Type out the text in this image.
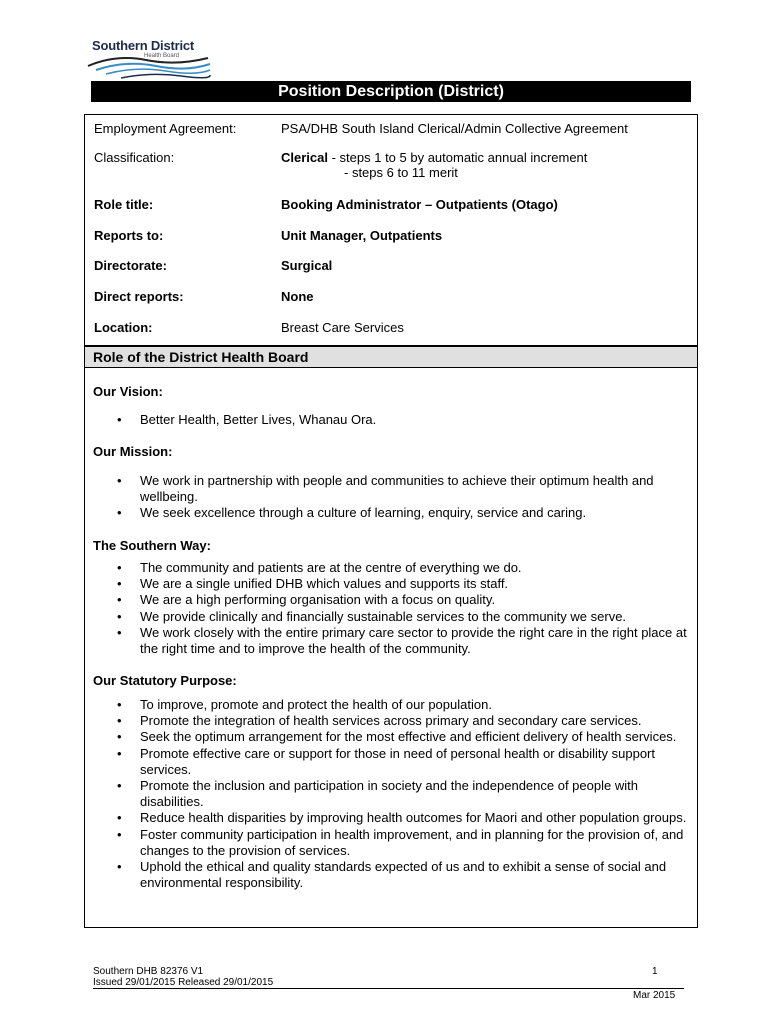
Southern District
Health Board
Position Description (District)
Employment Agreement:	PSA/DHB South Island Clerical/Admin Collective Agreement
Classification:	Clerical - steps 1 to 5 by automatic annual increment
- steps 6 to 11 merit
Role title:	Booking Administrator – Outpatients (Otago)
Reports to:	Unit Manager, Outpatients
Directorate:	Surgical
Direct reports:	None
Location:	Breast Care Services
Role of the District Health Board
Our Vision:
• Better Health, Better Lives, Whanau Ora.
Our Mission:
• We work in partnership with people and communities to achieve their optimum health and wellbeing.
• We seek excellence through a culture of learning, enquiry, service and caring.
The Southern Way:
• The community and patients are at the centre of everything we do.
• We are a single unified DHB which values and supports its staff.
• We are a high performing organisation with a focus on quality.
• We provide clinically and financially sustainable services to the community we serve.
• We work closely with the entire primary care sector to provide the right care in the right place at the right time and to improve the health of the community.
Our Statutory Purpose:
• To improve, promote and protect the health of our population.
• Promote the integration of health services across primary and secondary care services.
• Seek the optimum arrangement for the most effective and efficient delivery of health services.
• Promote effective care or support for those in need of personal health or disability support services.
• Promote the inclusion and participation in society and the independence of people with disabilities.
• Reduce health disparities by improving health outcomes for Maori and other population groups.
• Foster community participation in health improvement, and in planning for the provision of, and changes to the provision of services.
• Uphold the ethical and quality standards expected of us and to exhibit a sense of social and environmental responsibility.
Southern DHB 82376 V1
Issued 29/01/2015 Released 29/01/2015
1
Mar 2015
